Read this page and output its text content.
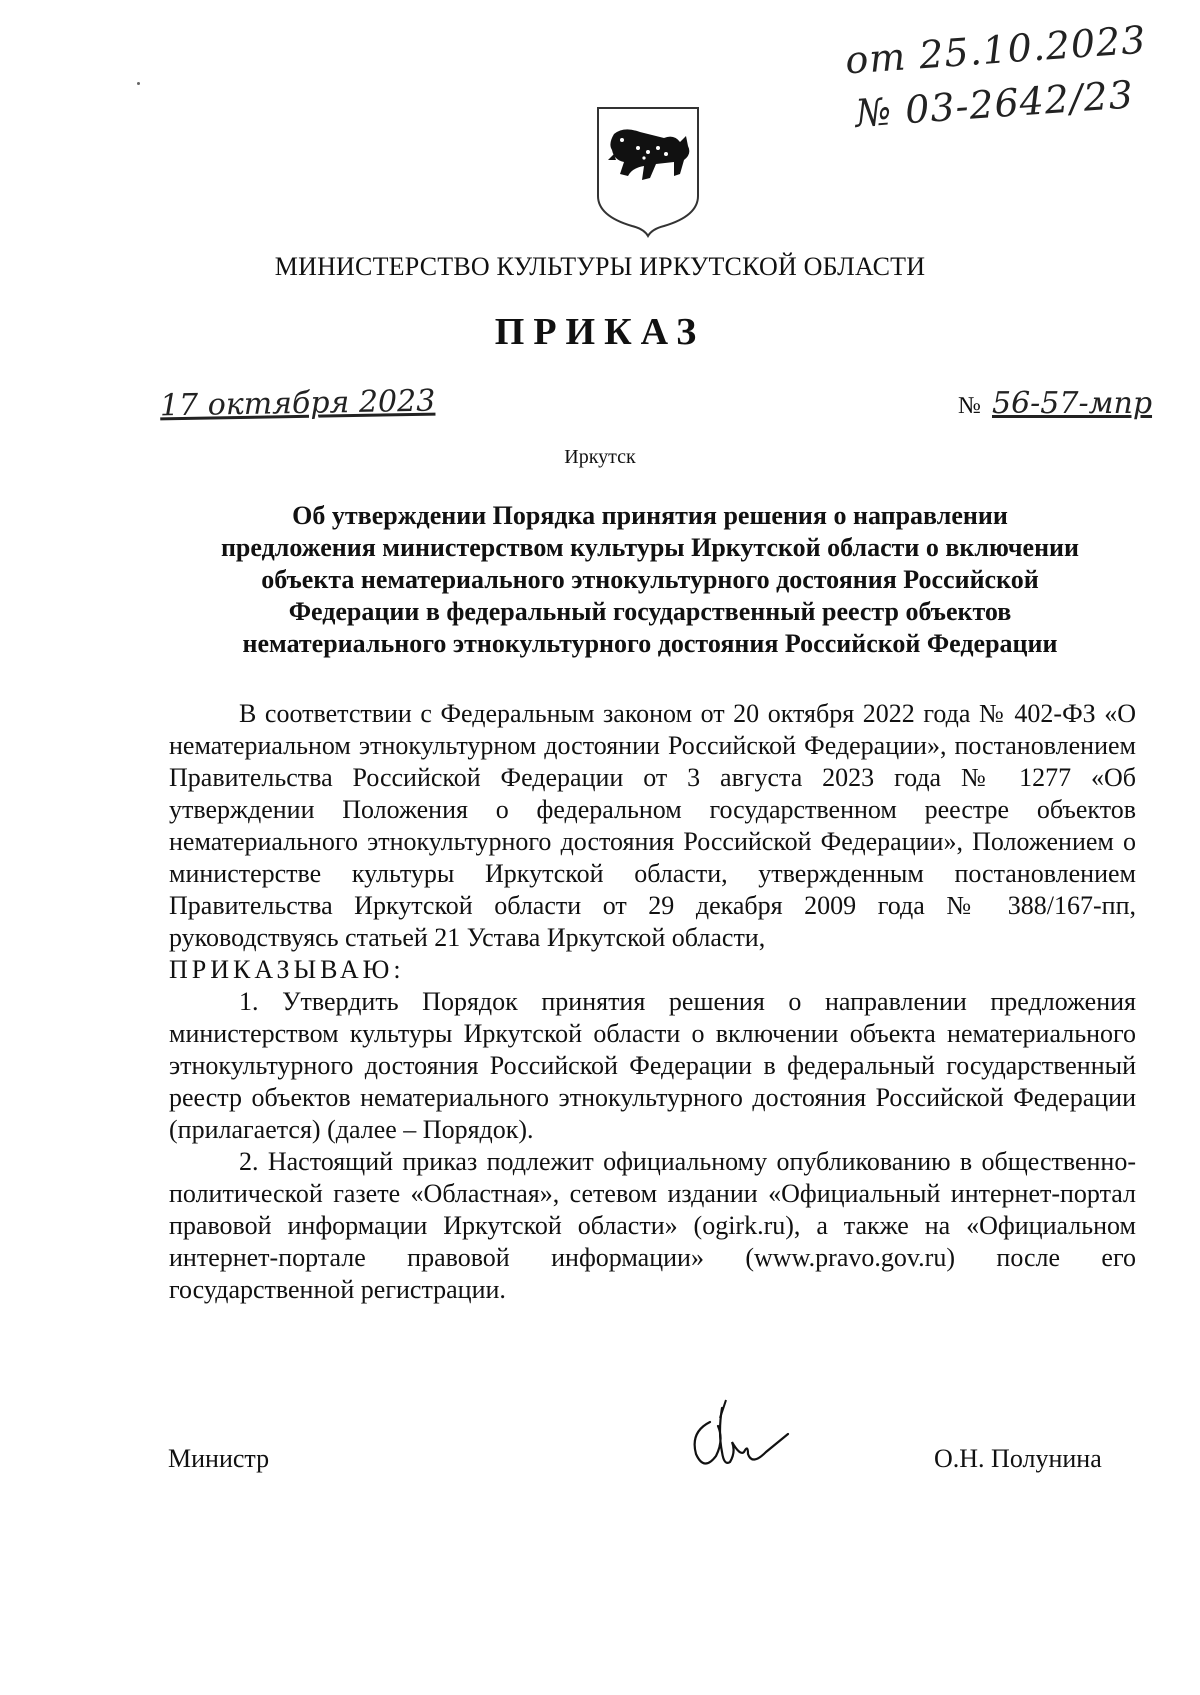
от 25.10.2023
№ 03-2642/23
МИНИСТЕРСТВО КУЛЬТУРЫ ИРКУТСКОЙ ОБЛАСТИ
ПРИКАЗ
17 октября 2023	№ 56-57-мпр
Иркутск
Об утверждении Порядка принятия решения о направлении
предложения министерством культуры Иркутской области о включении
объекта нематериального этнокультурного достояния Российской
Федерации в федеральный государственный реестр объектов
нематериального этнокультурного достояния Российской Федерации

В соответствии с Федеральным законом от 20 октября 2022 года № 402-ФЗ «О нематериальном этнокультурном достоянии Российской Федерации», постановлением Правительства Российской Федерации от 3 августа 2023 года № 1277 «Об утверждении Положения о федеральном государственном реестре объектов нематериального этнокультурного достояния Российской Федерации», Положением о министерстве культуры Иркутской области, утвержденным постановлением Правительства Иркутской области от 29 декабря 2009 года № 388/167-пп, руководствуясь статьей 21 Устава Иркутской области,

ПРИКАЗЫВАЮ:

1. Утвердить Порядок принятия решения о направлении предложения министерством культуры Иркутской области о включении объекта нематериального этнокультурного достояния Российской Федерации в федеральный государственный реестр объектов нематериального этнокультурного достояния Российской Федерации (прилагается) (далее – Порядок).

2. Настоящий приказ подлежит официальному опубликованию в общественно-политической газете «Областная», сетевом издании «Официальный интернет-портал правовой информации Иркутской области» (ogirk.ru), а также на «Официальном интернет-портале правовой информации» (www.pravo.gov.ru) после его государственной регистрации.

Министр	О.Н. Полунина
